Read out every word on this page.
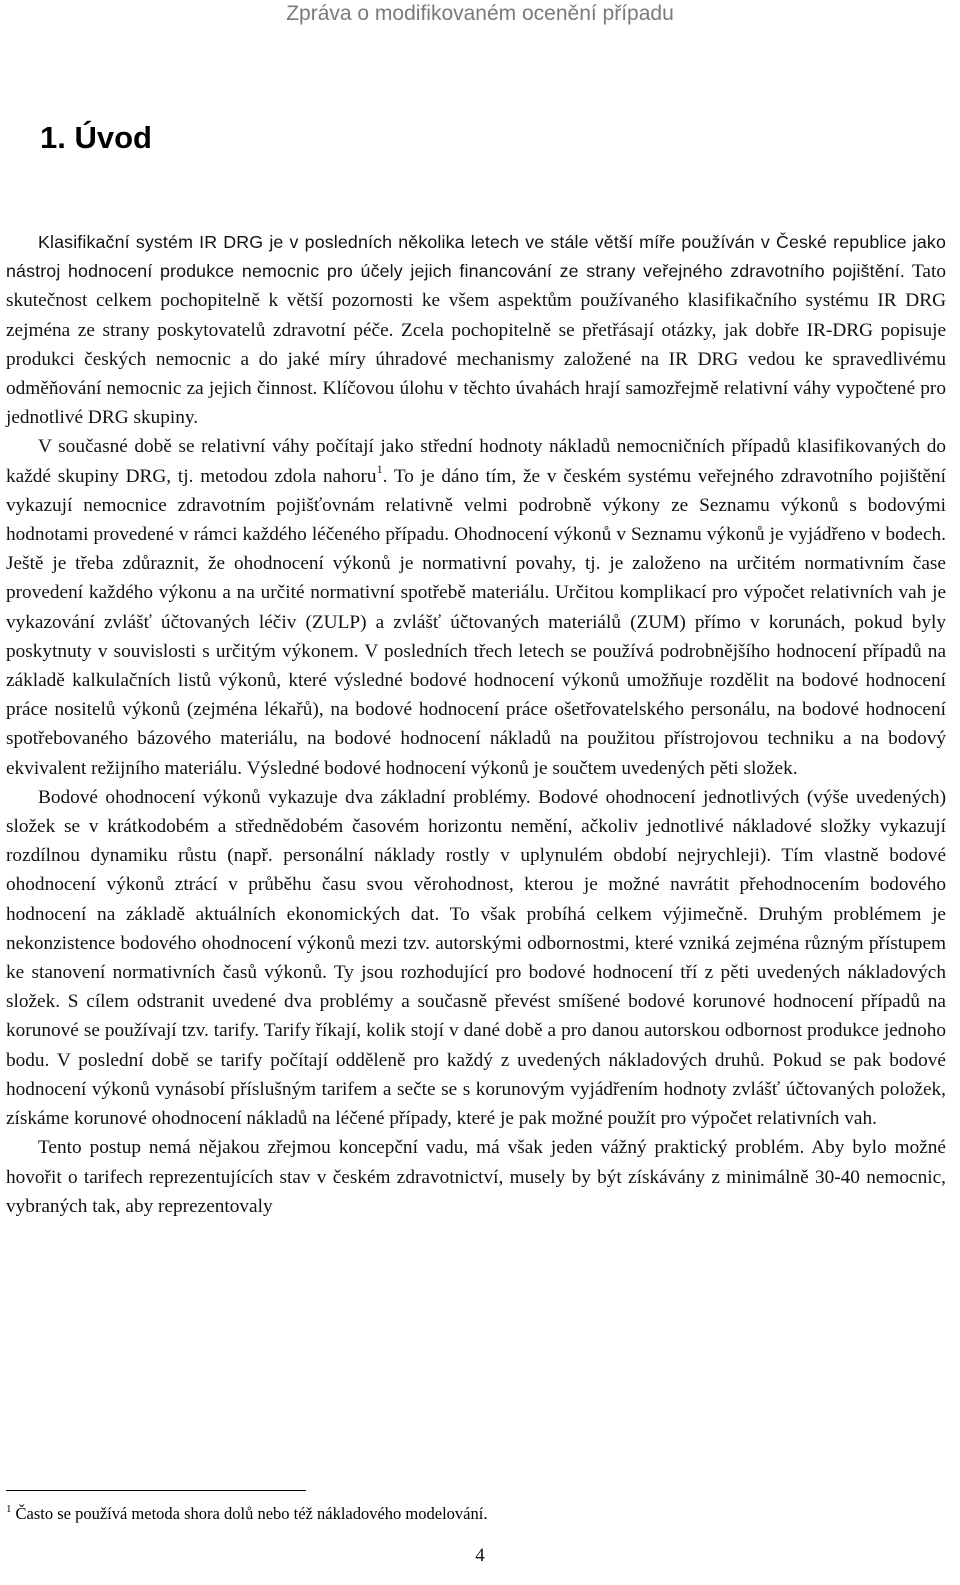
Zpráva o modifikovaném ocenění případu
1. Úvod

Klasifikační systém IR DRG je v posledních několika letech ve stále větší míře používán v České republice jako nástroj hodnocení produkce nemocnic pro účely jejich financování ze strany veřejného zdravotního pojištění. Tato skutečnost celkem pochopitelně k větší pozornosti ke všem aspektům používaného klasifikačního systému IR DRG zejména ze strany poskytovatelů zdravotní péče. Zcela pochopitelně se přetřásají otázky, jak dobře IR-DRG popisuje produkci českých nemocnic a do jaké míry úhradové mechanismy založené na IR DRG vedou ke spravedlivému odměňování nemocnic za jejich činnost. Klíčovou úlohu v těchto úvahách hrají samozřejmě relativní váhy vypočtené pro jednotlivé DRG skupiny.

V současné době se relativní váhy počítají jako střední hodnoty nákladů nemocničních případů klasifikovaných do každé skupiny DRG, tj. metodou zdola nahoru$^1$. To je dáno tím, že v českém systému veřejného zdravotního pojištění vykazují nemocnice zdravotním pojišťovnám relativně velmi podrobně výkony ze Seznamu výkonů s bodovými hodnotami provedené v rámci každého léčeného případu. Ohodnocení výkonů v Seznamu výkonů je vyjádřeno v bodech. Ještě je třeba zdůraznit, že ohodnocení výkonů je normativní povahy, tj. je založeno na určitém normativním čase provedení každého výkonu a na určité normativní spotřebě materiálu. Určitou komplikací pro výpočet relativních vah je vykazování zvlášť účtovaných léčiv (ZULP) a zvlášť účtovaných materiálů (ZUM) přímo v korunách, pokud byly poskytnuty v souvislosti s určitým výkonem. V posledních třech letech se používá podrobnějšího hodnocení případů na základě kalkulačních listů výkonů, které výsledné bodové hodnocení výkonů umožňuje rozdělit na bodové hodnocení práce nositelů výkonů (zejména lékařů), na bodové hodnocení práce ošetřovatelského personálu, na bodové hodnocení spotřebovaného bázového materiálu, na bodové hodnocení nákladů na použitou přístrojovou techniku a na bodový ekvivalent režijního materiálu. Výsledné bodové hodnocení výkonů je součtem uvedených pěti složek.

Bodové ohodnocení výkonů vykazuje dva základní problémy. Bodové ohodnocení jednotlivých (výše uvedených) složek se v krátkodobém a střednědobém časovém horizontu nemění, ačkoliv jednotlivé nákladové složky vykazují rozdílnou dynamiku růstu (např. personální náklady rostly v uplynulém období nejrychleji). Tím vlastně bodové ohodnocení výkonů ztrácí v průběhu času svou věrohodnost, kterou je možné navrátit přehodnocením bodového hodnocení na základě aktuálních ekonomických dat. To však probíhá celkem výjimečně. Druhým problémem je nekonzistence bodového ohodnocení výkonů mezi tzv. autorskými odbornostmi, které vzniká zejména různým přístupem ke stanovení normativních časů výkonů. Ty jsou rozhodující pro bodové hodnocení tří z pěti uvedených nákladových složek. S cílem odstranit uvedené dva problémy a současně převést smíšené bodové korunové hodnocení případů na korunové se používají tzv. tarify. Tarify říkají, kolik stojí v dané době a pro danou autorskou odbornost produkce jednoho bodu. V poslední době se tarify počítají odděleně pro každý z uvedených nákladových druhů. Pokud se pak bodové hodnocení výkonů vynásobí příslušným tarifem a sečte se s korunovým vyjádřením hodnoty zvlášť účtovaných položek, získáme korunové ohodnocení nákladů na léčené případy, které je pak možné použít pro výpočet relativních vah.

Tento postup nemá nějakou zřejmou koncepční vadu, má však jeden vážný praktický problém. Aby bylo možné hovořit o tarifech reprezentujících stav v českém zdravotnictví, musely by být získávány z minimálně 30-40 nemocnic, vybraných tak, aby reprezentovaly

$^1$ Často se používá metoda shora dolů nebo též nákladového modelování.
4
